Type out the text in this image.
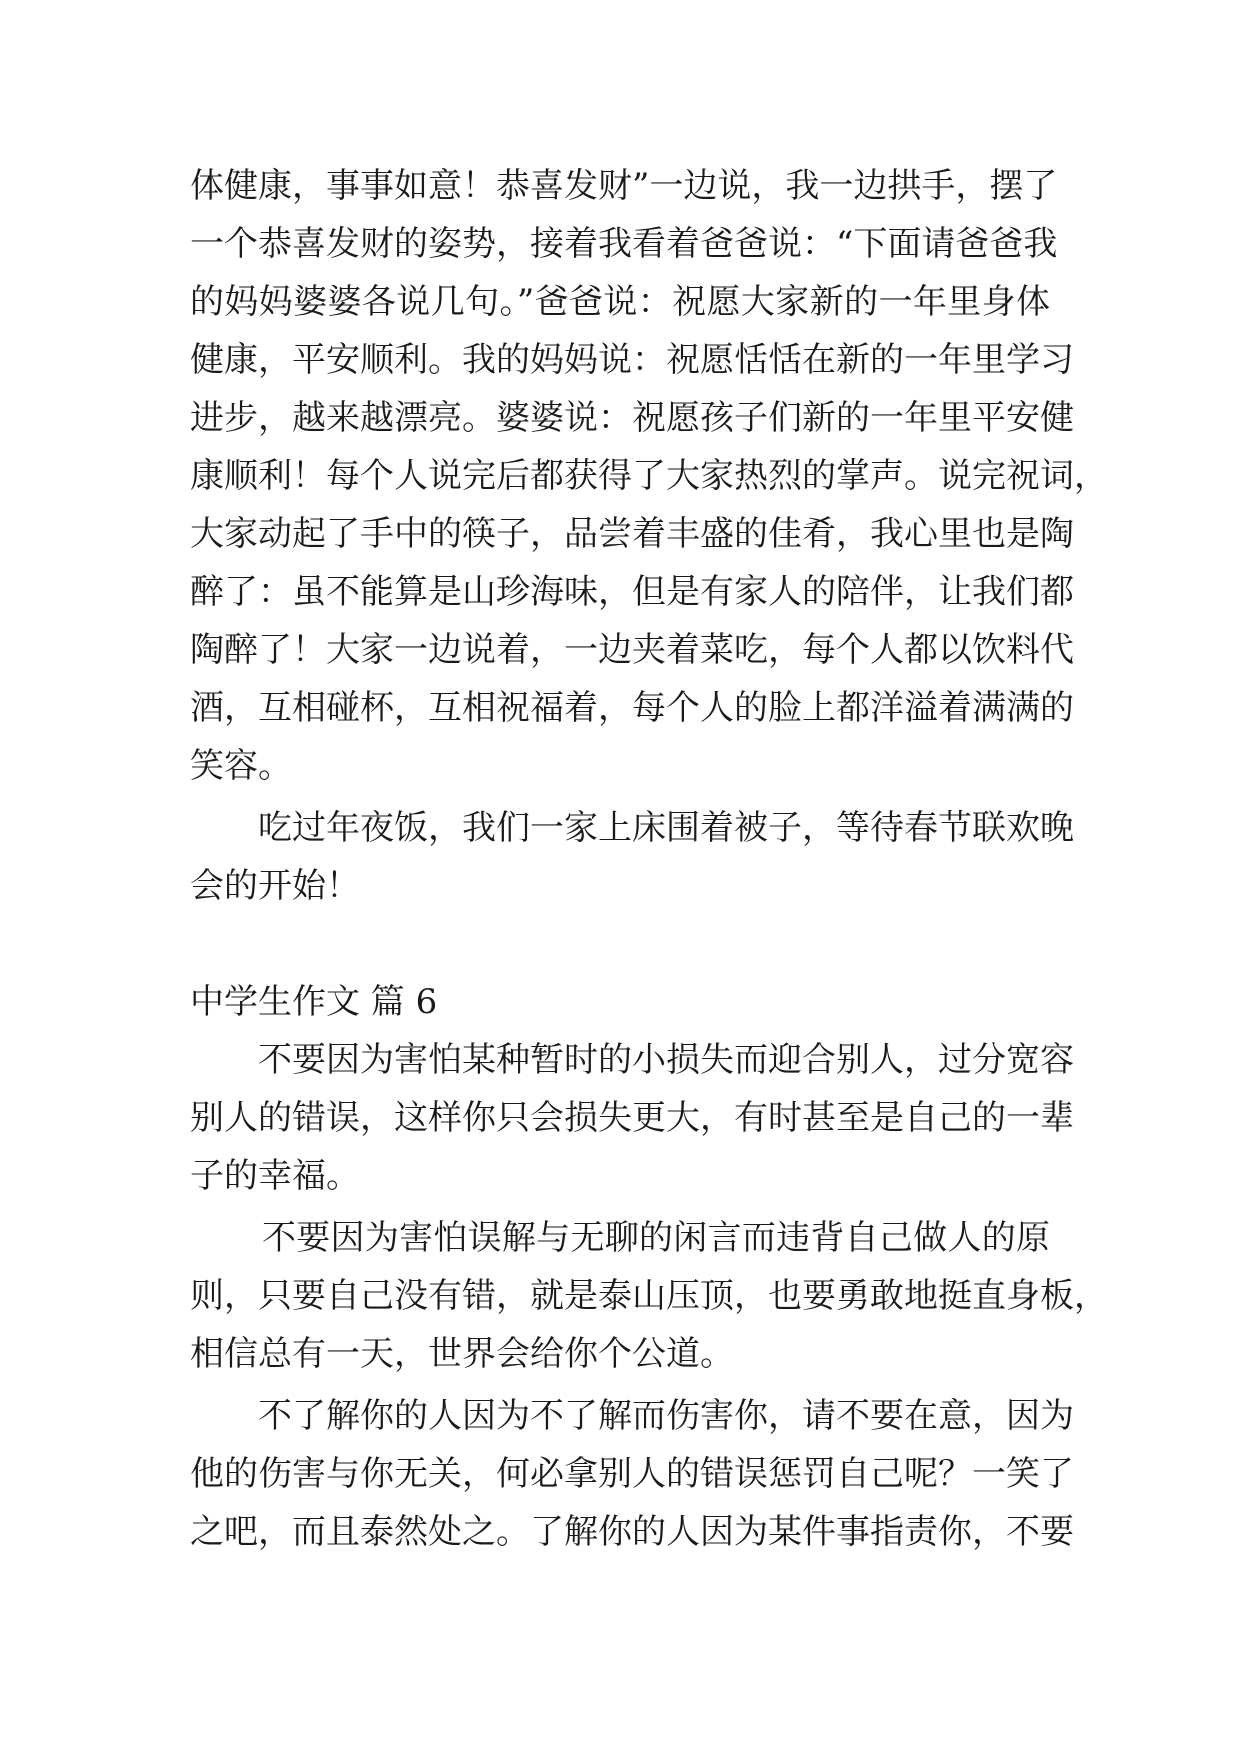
体健康，事事如意！恭喜发财”一边说，我一边拱手，摆了
一个恭喜发财的姿势，接着我看着爸爸说：“下面请爸爸我
的妈妈婆婆各说几句。”爸爸说：祝愿大家新的一年里身体
健康，平安顺利。我的妈妈说：祝愿恬恬在新的一年里学习
进步，越来越漂亮。婆婆说：祝愿孩子们新的一年里平安健
康顺利！每个人说完后都获得了大家热烈的掌声。说完祝词，
大家动起了手中的筷子，品尝着丰盛的佳肴，我心里也是陶
醉了：虽不能算是山珍海味，但是有家人的陪伴，让我们都
陶醉了！大家一边说着，一边夹着菜吃，每个人都以饮料代
酒，互相碰杯，互相祝福着，每个人的脸上都洋溢着满满的
笑容。
吃过年夜饭，我们一家上床围着被子，等待春节联欢晚
会的开始！
中学生作文 篇 6
不要因为害怕某种暂时的小损失而迎合别人，过分宽容
别人的错误，这样你只会损失更大，有时甚至是自己的一辈
子的幸福。
不要因为害怕误解与无聊的闲言而违背自己做人的原
则，只要自己没有错，就是泰山压顶，也要勇敢地挺直身板，
相信总有一天，世界会给你个公道。
不了解你的人因为不了解而伤害你，请不要在意，因为
他的伤害与你无关，何必拿别人的错误惩罚自己呢？一笑了
之吧，而且泰然处之。了解你的人因为某件事指责你，不要
